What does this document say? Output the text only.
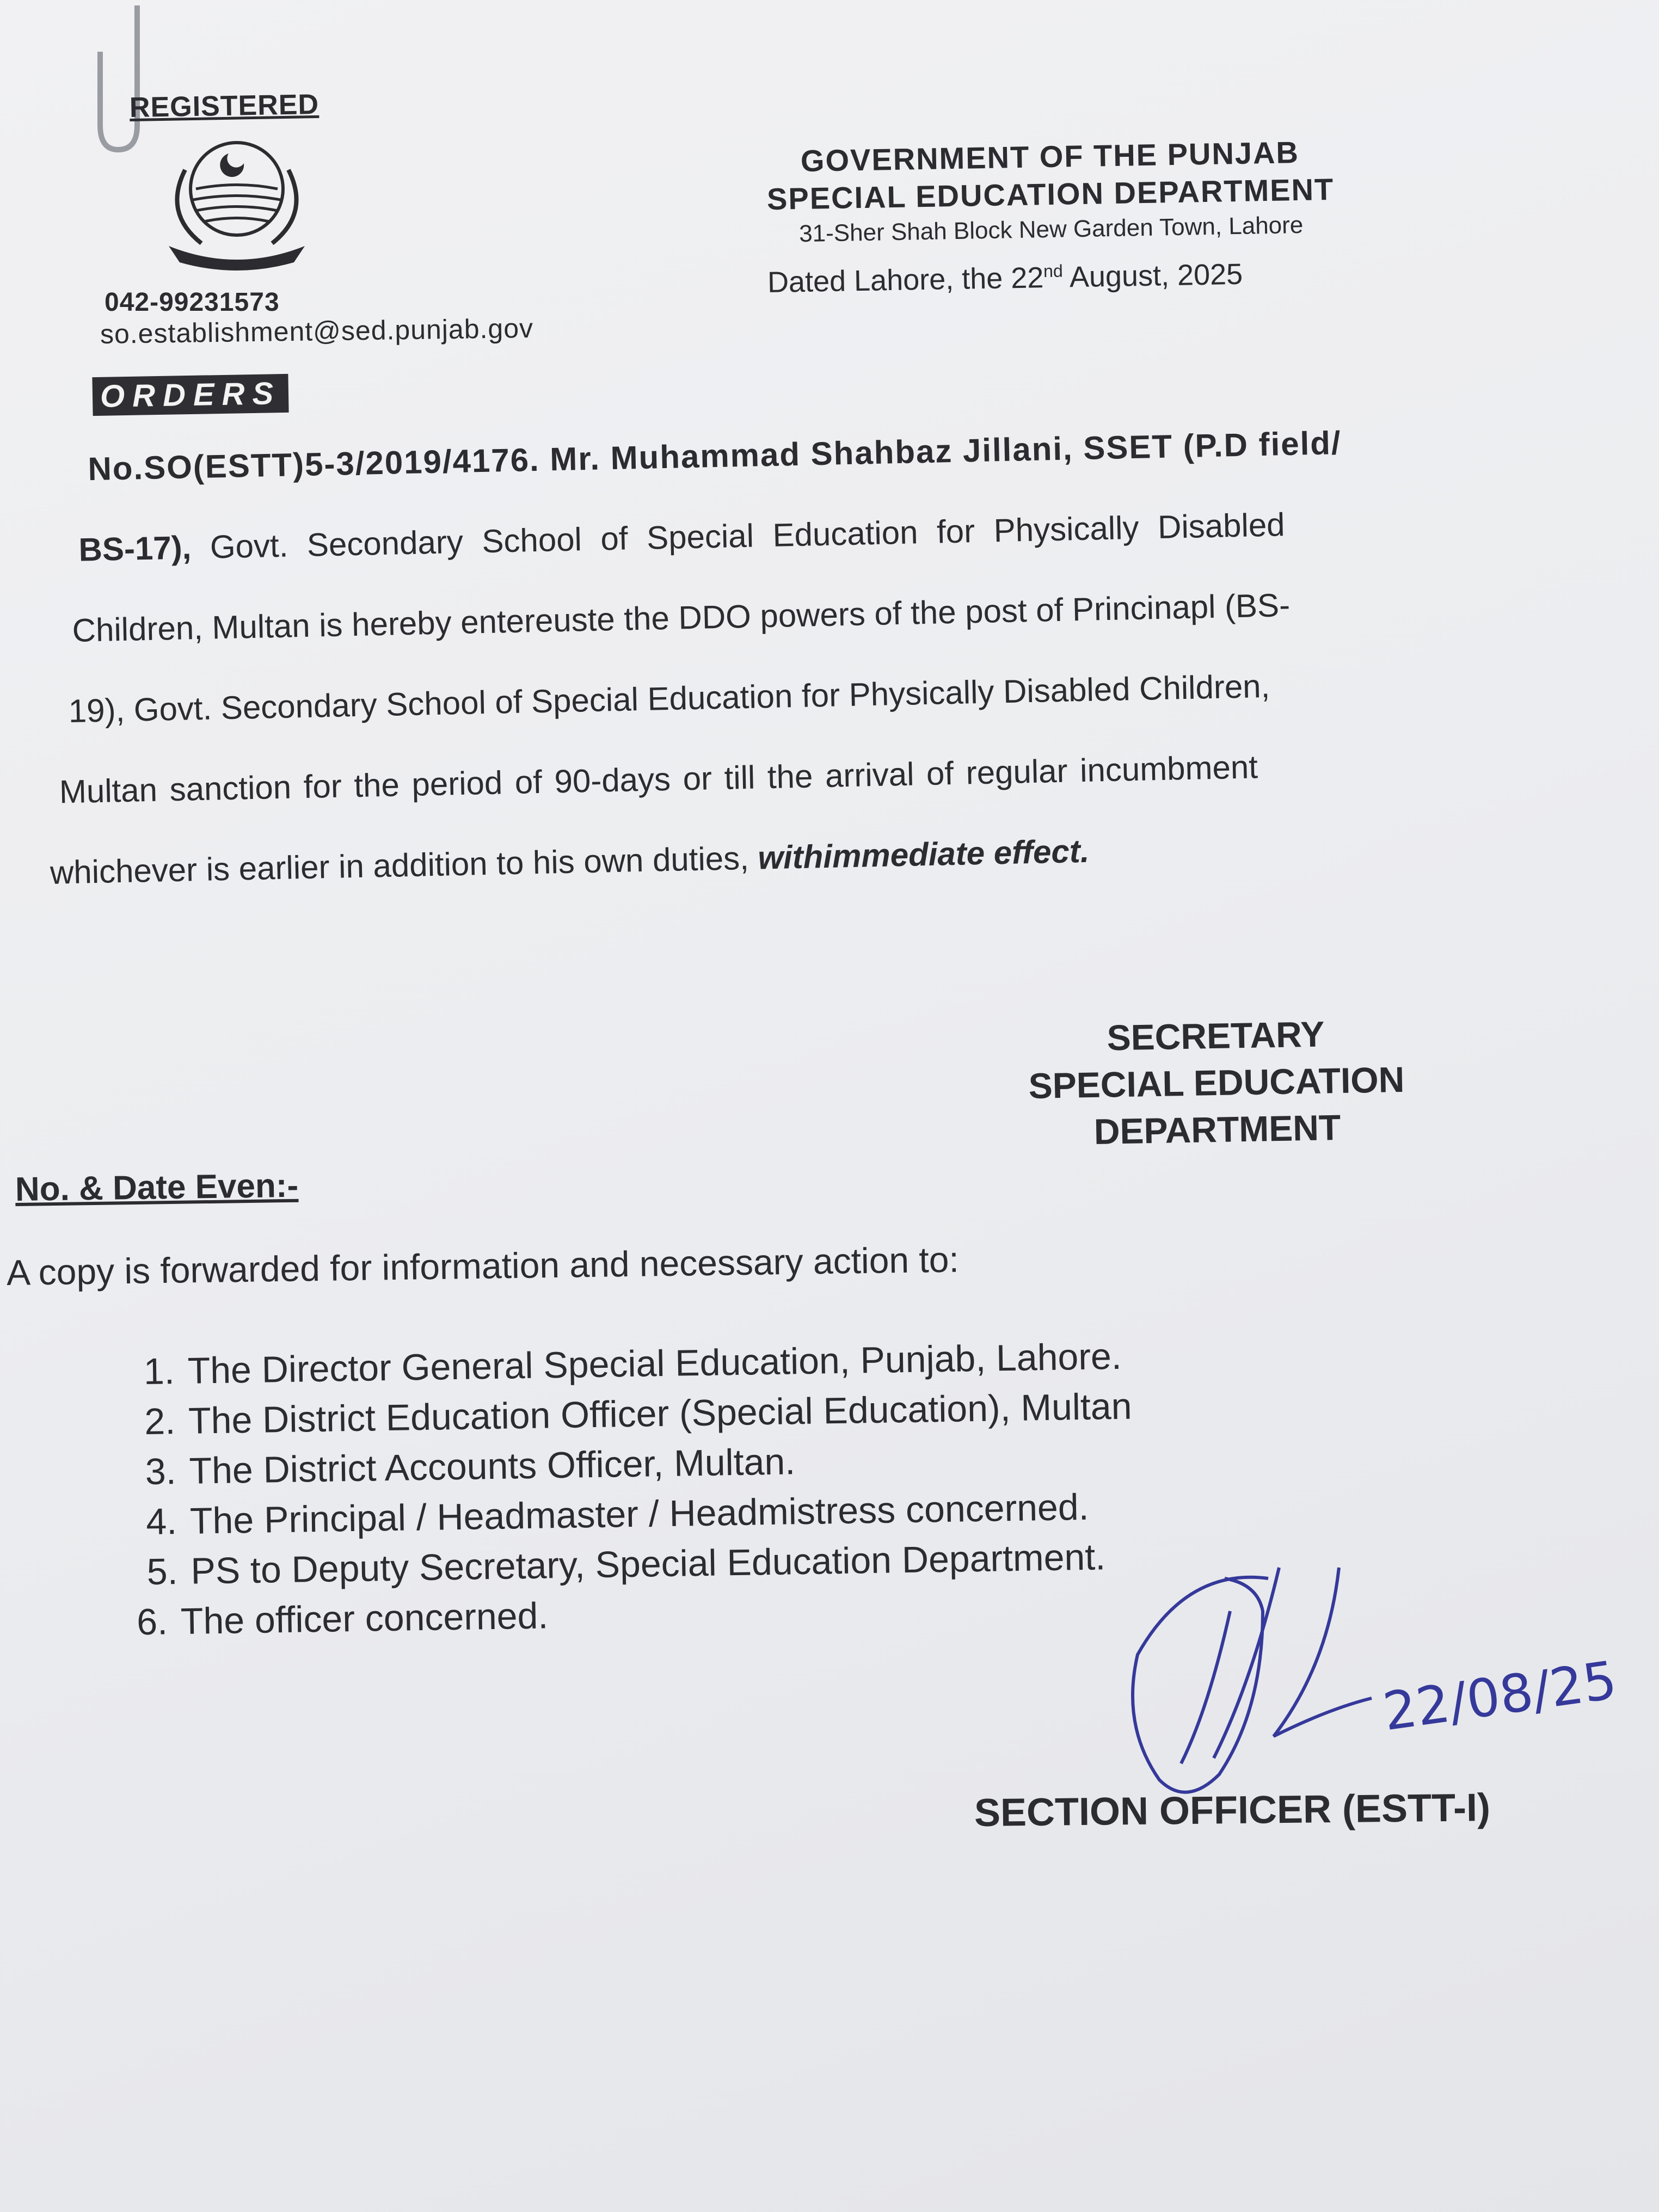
REGISTERED
GOVERNMENT OF THE PUNJAB
SPECIAL EDUCATION DEPARTMENT
31-Sher Shah Block New Garden Town, Lahore
042-99231573
so.establishment@sed.punjab.gov
Dated Lahore, the 22nd August, 2025
ORDERS
No.SO(ESTT)5-3/2019/4176. Mr. Muhammad Shahbaz Jillani, SSET (P.D field/
BS-17), Govt. Secondary School of Special Education for Physically Disabled
Children, Multan is hereby entereuste the DDO powers of the post of Princinapl (BS-
19), Govt. Secondary School of Special Education for Physically Disabled Children,
Multan sanction for the period of 90-days or till the arrival of regular incumbment
whichever is earlier in addition to his own duties, withimmediate effect.
SECRETARY
SPECIAL EDUCATION
DEPARTMENT
No. & Date Even:-
A copy is forwarded for information and necessary action to:
1. The Director General Special Education, Punjab, Lahore.
2. The District Education Officer (Special Education), Multan
3. The District Accounts Officer, Multan.
4. The Principal / Headmaster / Headmistress concerned.
5. PS to Deputy Secretary, Special Education Department.
6. The officer concerned.
22/08/25
SECTION OFFICER (ESTT-I)
